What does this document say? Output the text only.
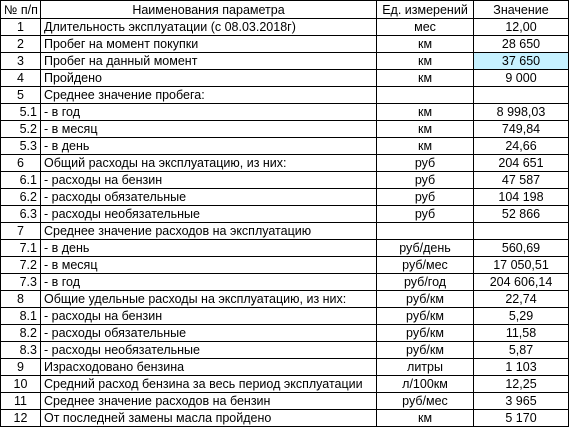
№ п/п	Наименования параметра	Ед. измерений	Значение
1	Длительность эксплуатации (с 08.03.2018г)	мес	12,00
2	Пробег на момент покупки	км	28 650
3	Пробег на данный момент	км	37 650
4	Пройдено	км	9 000
5	Среднее значение пробега:		
5.1	- в год	км	8 998,03
5.2	- в месяц	км	749,84
5.3	- в день	км	24,66
6	Общий расходы на эксплуатацию, из них:	руб	204 651
6.1	- расходы на бензин	руб	47 587
6.2	- расходы обязательные	руб	104 198
6.3	- расходы необязательные	руб	52 866
7	Среднее значение расходов на эксплуатацию		
7.1	- в день	руб/день	560,69
7.2	- в месяц	руб/мес	17 050,51
7.3	- в год	руб/год	204 606,14
8	Общие удельные расходы на эксплуатацию, из них:	руб/км	22,74
8.1	- расходы на бензин	руб/км	5,29
8.2	- расходы обязательные	руб/км	11,58
8.3	- расходы необязательные	руб/км	5,87
9	Израсходовано бензина	литры	1 103
10	Средний расход бензина за весь период эксплуатации	л/100км	12,25
11	Среднее значение расходов на бензин	руб/мес	3 965
12	От последней замены масла пройдено	км	5 170
